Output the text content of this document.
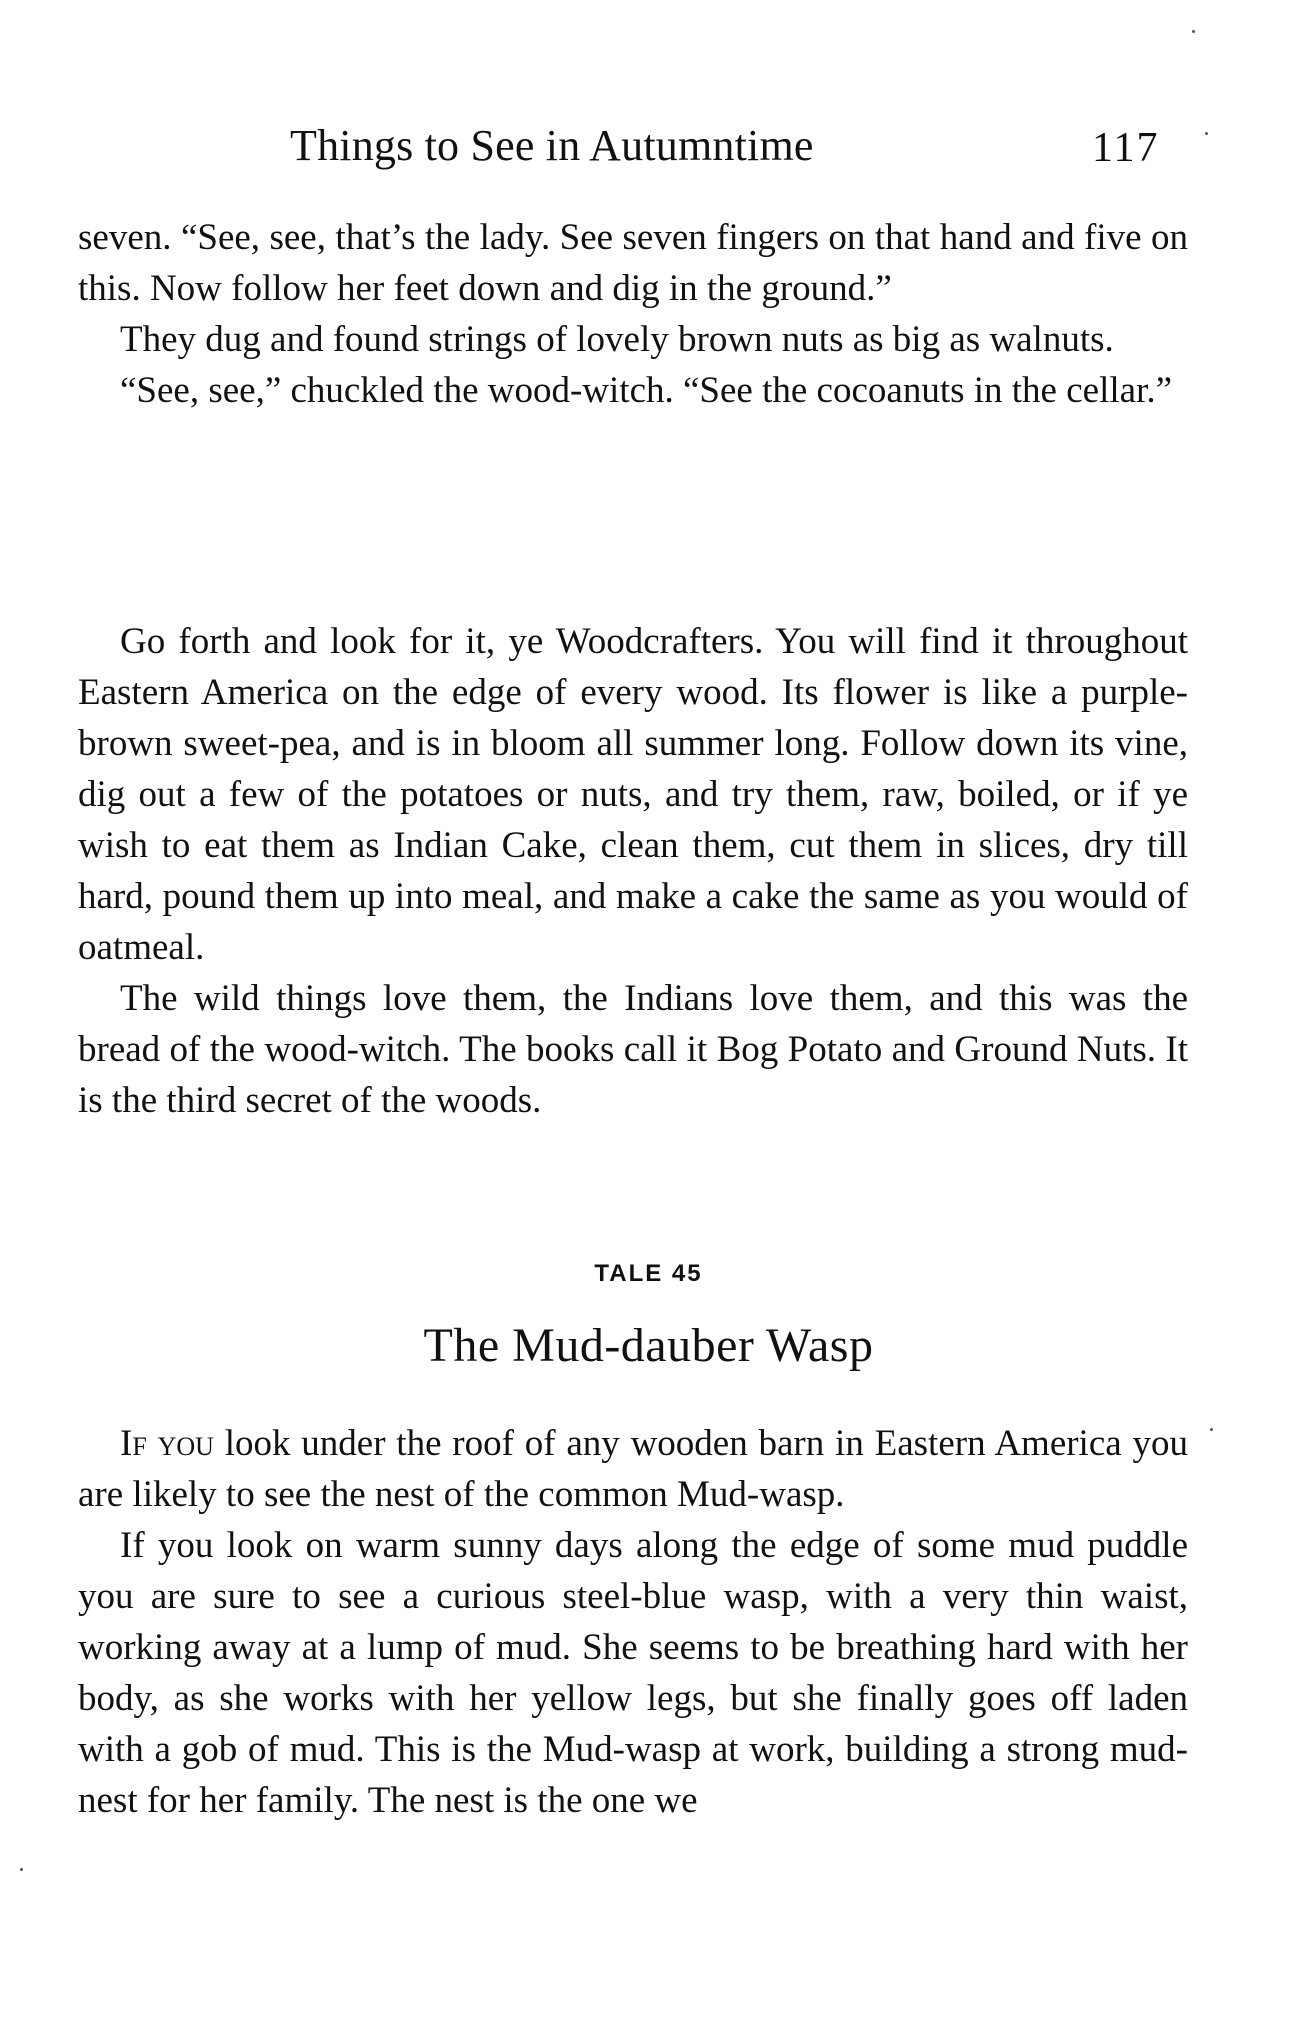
Things to See in Autumntime	117

seven. “See, see, that’s the lady. See seven fingers on that hand and five on this. Now follow her feet down and dig in the ground.”

They dug and found strings of lovely brown nuts as big as walnuts.

“See, see,” chuckled the wood-witch. “See the cocoanuts in the cellar.”

Go forth and look for it, ye Woodcrafters. You will find it throughout Eastern America on the edge of every wood. Its flower is like a purple-brown sweet-pea, and is in bloom all summer long. Follow down its vine, dig out a few of the potatoes or nuts, and try them, raw, boiled, or if ye wish to eat them as Indian Cake, clean them, cut them in slices, dry till hard, pound them up into meal, and make a cake the same as you would of oatmeal.

The wild things love them, the Indians love them, and this was the bread of the wood-witch. The books call it Bog Potato and Ground Nuts. It is the third secret of the woods.

TALE 45
The Mud-dauber Wasp

If you look under the roof of any wooden barn in Eastern America you are likely to see the nest of the common Mud-wasp.

If you look on warm sunny days along the edge of some mud puddle you are sure to see a curious steel-blue wasp, with a very thin waist, working away at a lump of mud. She seems to be breathing hard with her body, as she works with her yellow legs, but she finally goes off laden with a gob of mud. This is the Mud-wasp at work, building a strong mud-nest for her family. The nest is the one we
